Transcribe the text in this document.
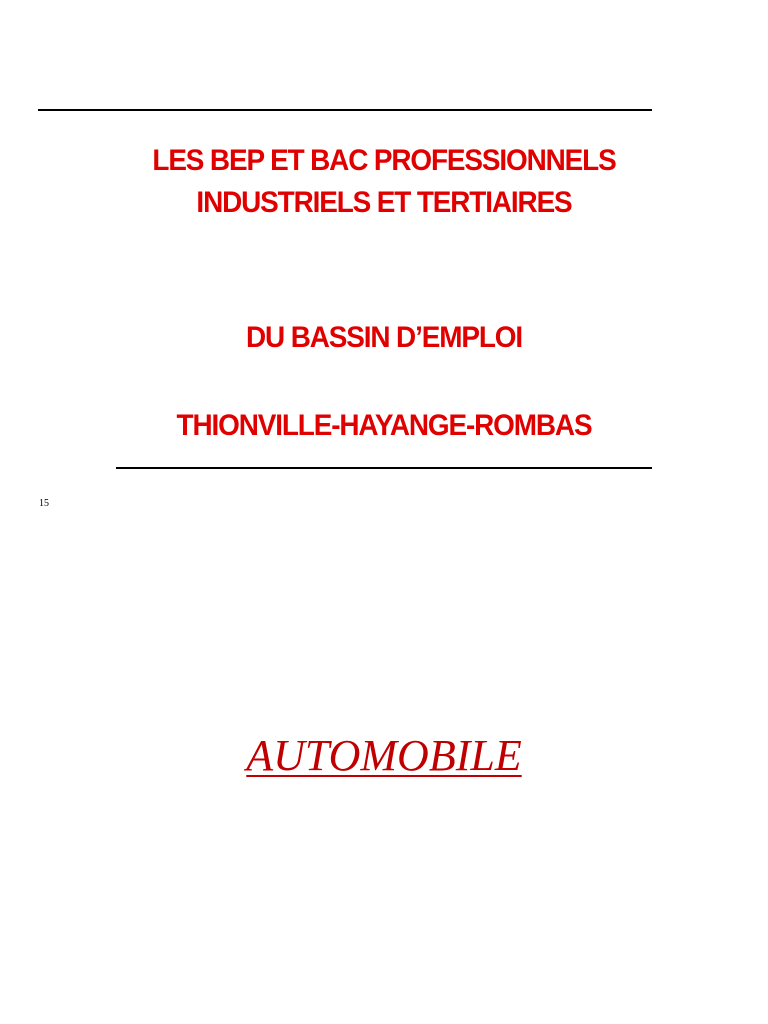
LES BEP ET BAC PROFESSIONNELS
INDUSTRIELS ET TERTIAIRES
DU BASSIN D’EMPLOI
THIONVILLE-HAYANGE-ROMBAS
15
AUTOMOBILE
